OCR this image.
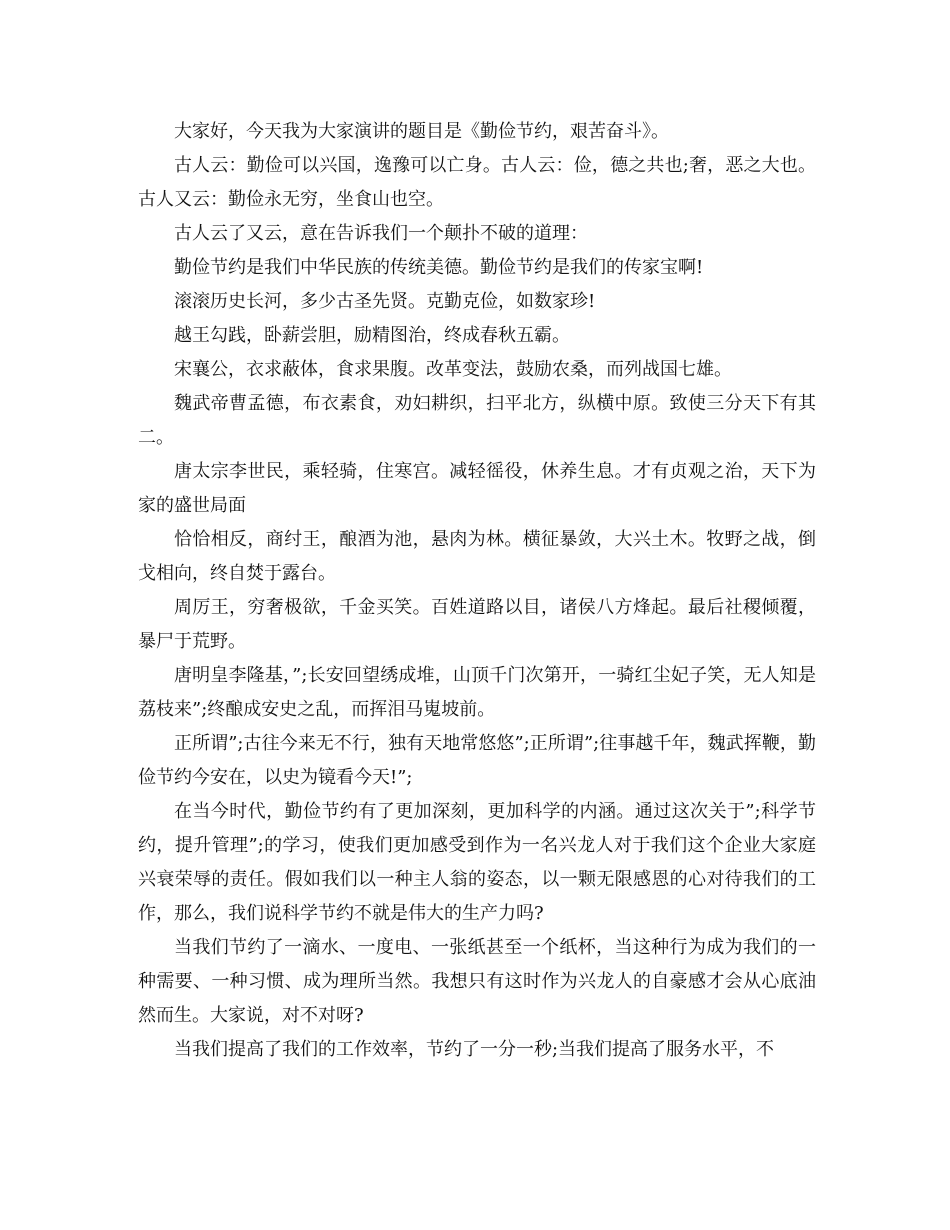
大家好，今天我为大家演讲的题目是《勤俭节约，艰苦奋斗》。

古人云：勤俭可以兴国，逸豫可以亡身。古人云：俭，德之共也;奢，恶之大也。古人又云：勤俭永无穷，坐食山也空。

古人云了又云，意在告诉我们一个颠扑不破的道理：

勤俭节约是我们中华民族的传统美德。勤俭节约是我们的传家宝啊!

滚滚历史长河，多少古圣先贤。克勤克俭，如数家珍!

越王勾践，卧薪尝胆，励精图治，终成春秋五霸。

宋襄公，衣求蔽体，食求果腹。改革变法，鼓励农桑，而列战国七雄。

魏武帝曹孟德，布衣素食，劝妇耕织，扫平北方，纵横中原。致使三分天下有其二。

唐太宗李世民，乘轻骑，住寒宫。减轻徭役，休养生息。才有贞观之治，天下为家的盛世局面

恰恰相反，商纣王，酿酒为池，悬肉为林。横征暴敛，大兴土木。牧野之战，倒戈相向，终自焚于露台。

周厉王，穷奢极欲，千金买笑。百姓道路以目，诸侯八方烽起。最后社稷倾覆，暴尸于荒野。

唐明皇李隆基，”;长安回望绣成堆，山顶千门次第开，一骑红尘妃子笑，无人知是荔枝来”;终酿成安史之乱，而挥泪马嵬坡前。

正所谓”;古往今来无不行，独有天地常悠悠”;正所谓”;往事越千年，魏武挥鞭，勤俭节约今安在，以史为镜看今天!”;

在当今时代，勤俭节约有了更加深刻，更加科学的内涵。通过这次关于”;科学节约，提升管理”;的学习，使我们更加感受到作为一名兴龙人对于我们这个企业大家庭兴衰荣辱的责任。假如我们以一种主人翁的姿态，以一颗无限感恩的心对待我们的工作，那么，我们说科学节约不就是伟大的生产力吗?

当我们节约了一滴水、一度电、一张纸甚至一个纸杯，当这种行为成为我们的一种需要、一种习惯、成为理所当然。我想只有这时作为兴龙人的自豪感才会从心底油然而生。大家说，对不对呀?

当我们提高了我们的工作效率，节约了一分一秒;当我们提高了服务水平，不
